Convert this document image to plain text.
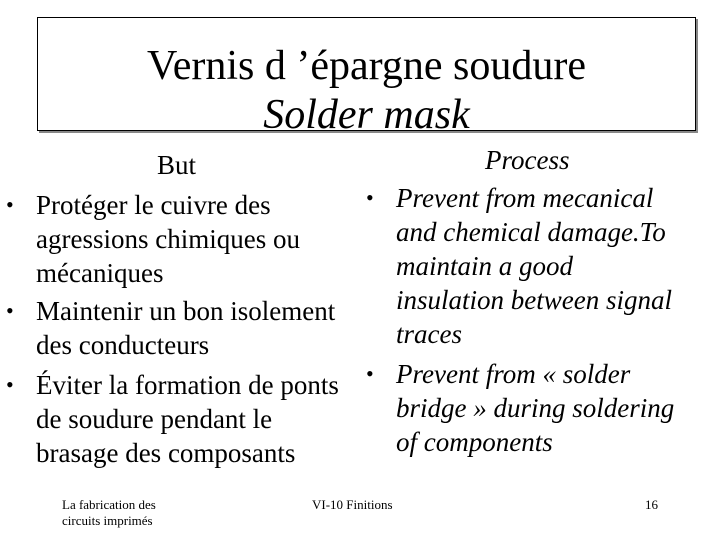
Vernis d ’épargne soudure
Solder mask
But
• Protéger le cuivre des
agressions chimiques ou
mécaniques
• Maintenir un bon isolement
des conducteurs
• Éviter la formation de ponts
de soudure pendant le
brasage des composants
Process
• Prevent from mecanical
and chemical damage.To
maintain a good
insulation between signal
traces
• Prevent from « solder
bridge » during soldering
of components
La fabrication des
circuits imprimés
VI-10 Finitions	16
